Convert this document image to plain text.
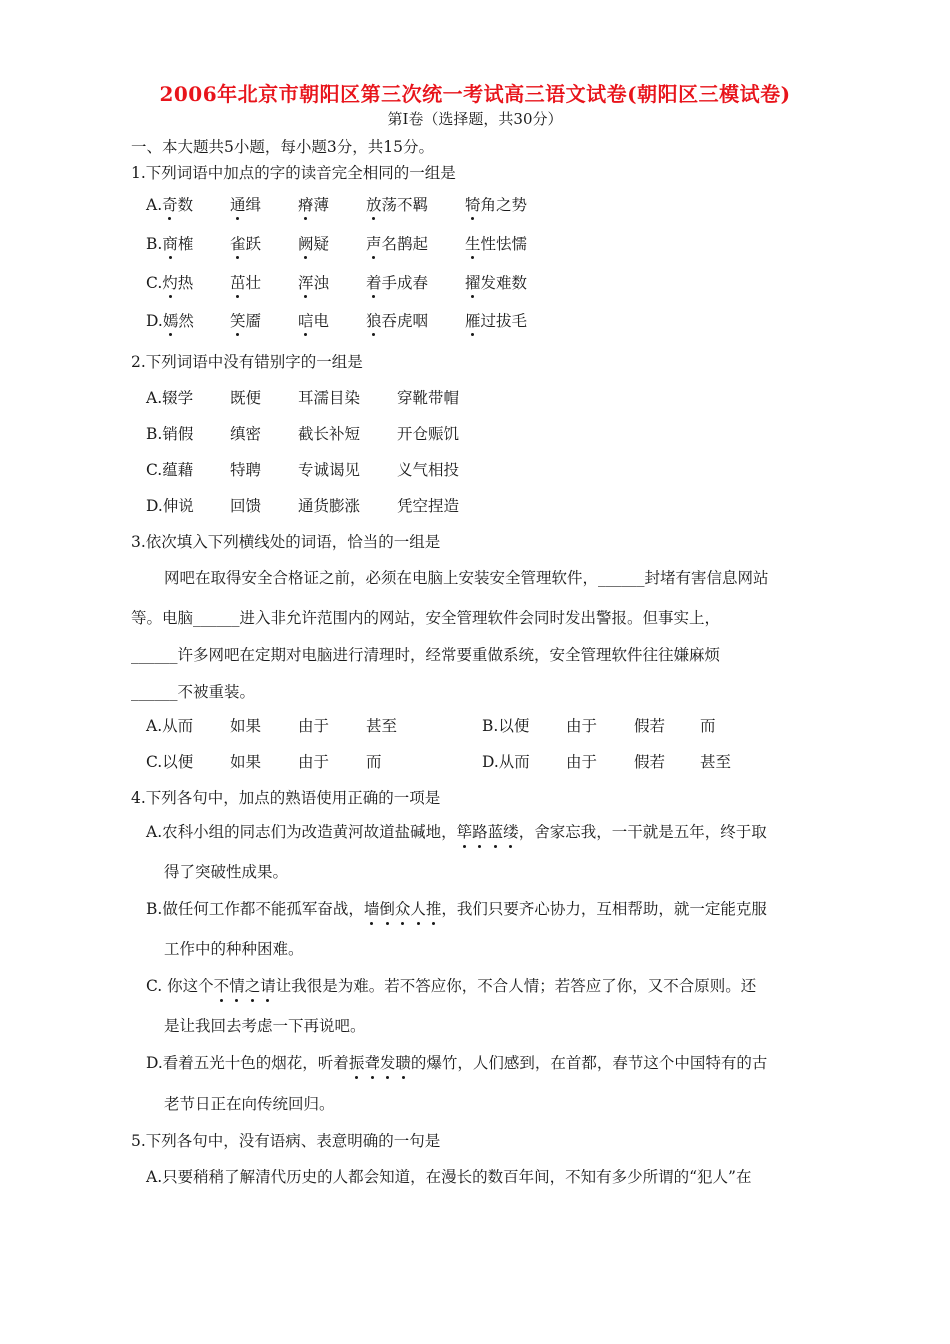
2006年北京市朝阳区第三次统一考试高三语文试卷(朝阳区三模试卷)
第Ⅰ卷（选择题，共30分）
一、本大题共5小题，每小题3分，共15分。
1.下列词语中加点的字的读音完全相同的一组是
A.奇数 通缉 瘠薄 放荡不羁 犄角之势
B.商榷 雀跃 阙疑 声名鹊起 生性怯懦
C.灼热 茁壮 浑浊 着手成春 擢发难数
D.嫣然 笑靥 唁电 狼吞虎咽 雁过拔毛
2.下列词语中没有错别字的一组是
A.辍学 既便 耳濡目染 穿靴带帽
B.销假 缜密 截长补短 开仓赈饥
C.蕴藉 特聘 专诚谒见 义气相投
D.伸说 回馈 通货膨涨 凭空捏造
3.依次填入下列横线处的词语，恰当的一组是
网吧在取得安全合格证之前，必须在电脑上安装安全管理软件，______封堵有害信息网站
等。电脑______进入非允许范围内的网站，安全管理软件会同时发出警报。但事实上，
______许多网吧在定期对电脑进行清理时，经常要重做系统，安全管理软件往往嫌麻烦
______不被重装。
A.从而 如果 由于 甚至	B.以便 由于 假若 而
C.以便 如果 由于 而	D.从而 由于 假若 甚至
4.下列各句中，加点的熟语使用正确的一项是
A.农科小组的同志们为改造黄河故道盐碱地，筚路蓝缕，舍家忘我，一干就是五年，终于取
得了突破性成果。
B.做任何工作都不能孤军奋战，墙倒众人推，我们只要齐心协力，互相帮助，就一定能克服
工作中的种种困难。
C. 你这个不情之请让我很是为难。若不答应你，不合人情；若答应了你，又不合原则。还
是让我回去考虑一下再说吧。
D.看着五光十色的烟花，听着振聋发聩的爆竹，人们感到，在首都，春节这个中国特有的古
老节日正在向传统回归。
5.下列各句中，没有语病、表意明确的一句是
A.只要稍稍了解清代历史的人都会知道，在漫长的数百年间，不知有多少所谓的“犯人”在
